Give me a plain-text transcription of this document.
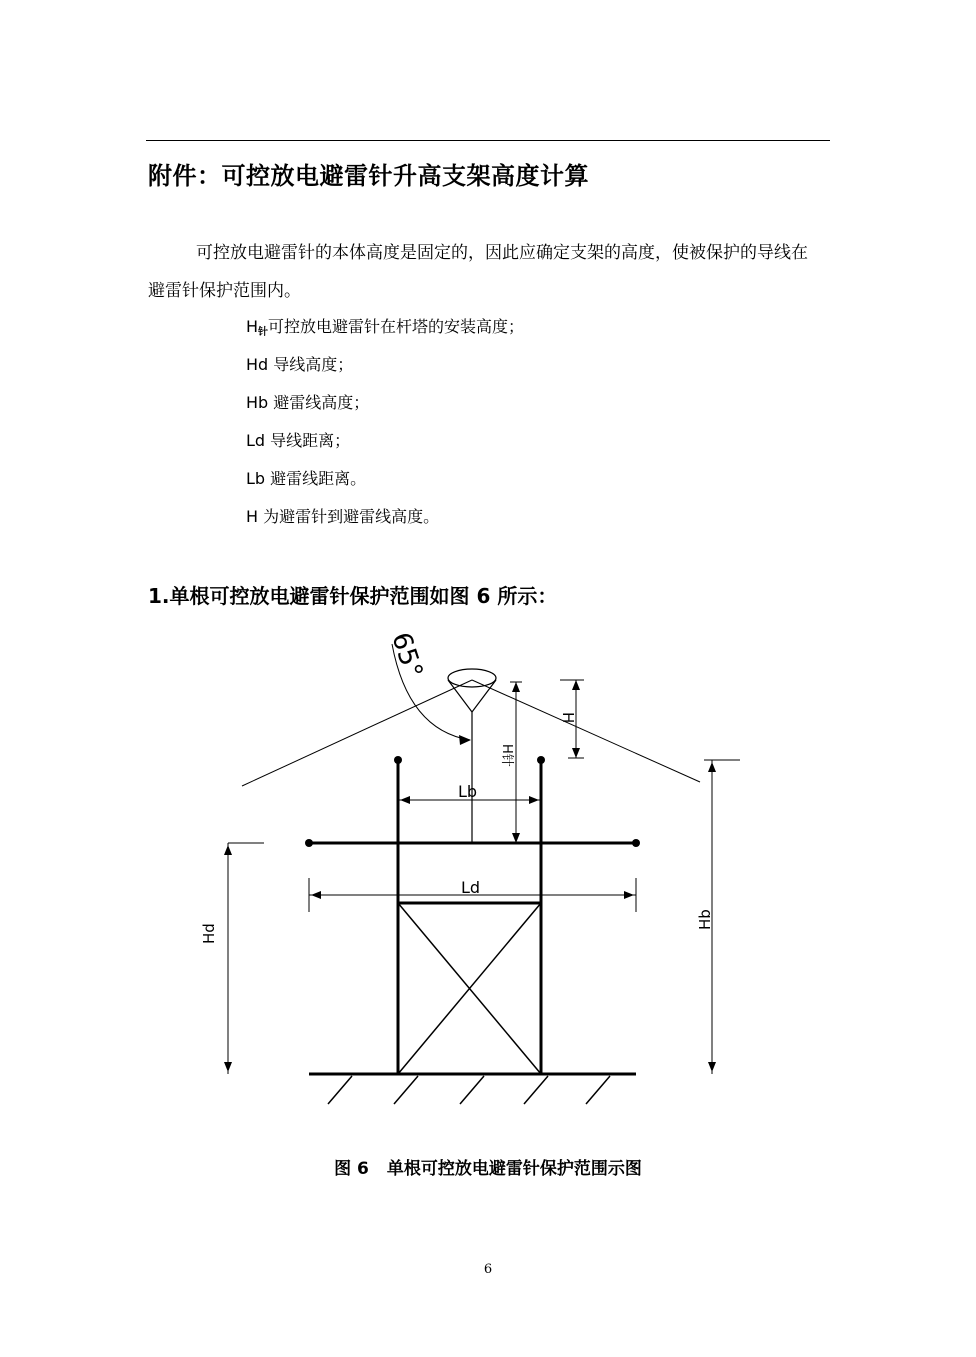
附件：可控放电避雷针升高支架高度计算

可控放电避雷针的本体高度是固定的，因此应确定支架的高度，使被保护的导线在避雷针保护范围内。

$H_针$可控放电避雷针在杆塔的安装高度；
Hd 导线高度；
Hb 避雷线高度；
Ld 导线距离；
Lb 避雷线距离。
H 为避雷针到避雷线高度。
1.单根可控放电避雷针保护范围如图 6 所示：
65°
H针
H
Lb
Ld
Hd
Hb
图 6 单根可控放电避雷针保护范围示图
6
